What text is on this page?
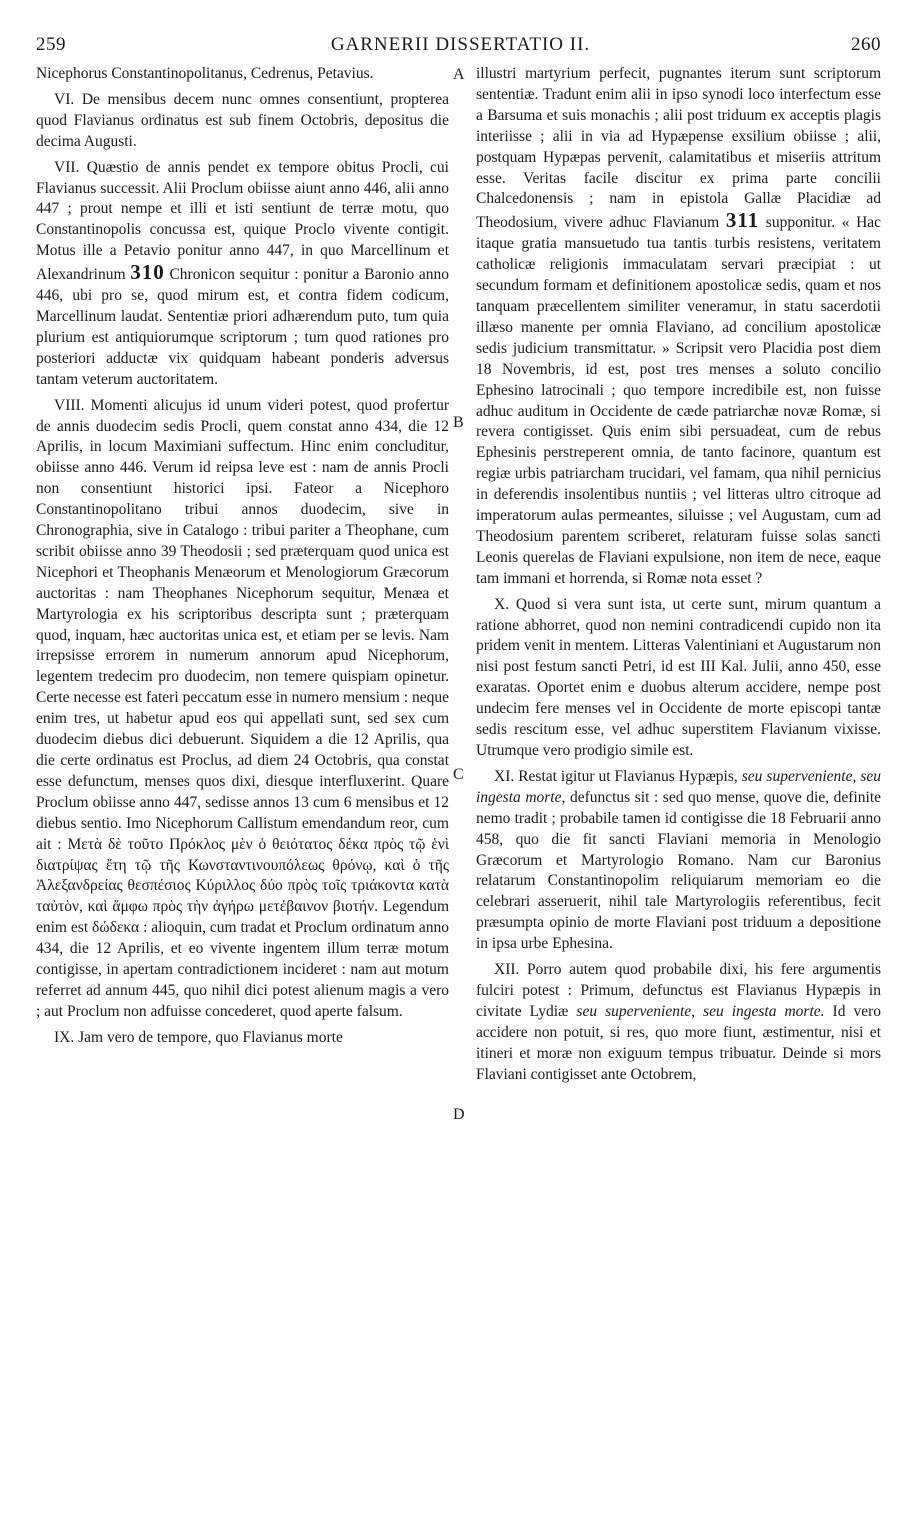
259	GARNERII DISSERTATIO II.	260
A
B
C
D

Nicephorus Constantinopolitanus, Cedrenus, Petavius.

VI. De mensibus decem nunc omnes consentiunt, propterea quod Flavianus ordinatus est sub finem Octobris, depositus die decima Augusti.

VII. Quæstio de annis pendet ex tempore obitus Procli, cui Flavianus successit. Alii Proclum obiisse aiunt anno 446, alii anno 447 ; prout nempe et illi et isti sentiunt de terræ motu, quo Constantinopolis concussa est, quique Proclo vivente contigit. Motus ille a Petavio ponitur anno 447, in quo Marcellinum et Alexandrinum 310 Chronicon sequitur : ponitur a Baronio anno 446, ubi pro se, quod mirum est, et contra fidem codicum, Marcellinum laudat. Sententiæ priori adhærendum puto, tum quia plurium est antiquiorumque scriptorum ; tum quod rationes pro posteriori adductæ vix quidquam habeant ponderis adversus tantam veterum auctoritatem.

VIII. Momenti alicujus id unum videri potest, quod profertur de annis duodecim sedis Procli, quem constat anno 434, die 12 Aprilis, in locum Maximiani suffectum. Hinc enim concluditur, obiisse anno 446. Verum id reipsa leve est : nam de annis Procli non consentiunt historici ipsi. Fateor a Nicephoro Constantinopolitano tribui annos duodecim, sive in Chronographia, sive in Catalogo : tribui pariter a Theophane, cum scribit obiisse anno 39 Theodosii ; sed præterquam quod unica est Nicephori et Theophanis Menæorum et Menologiorum Græcorum auctoritas : nam Theophanes Nicephorum sequitur, Menæa et Martyrologia ex his scriptoribus descripta sunt ; præterquam quod, inquam, hæc auctoritas unica est, et etiam per se levis. Nam irrepsisse errorem in numerum annorum apud Nicephorum, legentem tredecim pro duodecim, non temere quispiam opinetur. Certe necesse est fateri peccatum esse in numero mensium : neque enim tres, ut habetur apud eos qui appellati sunt, sed sex cum duodecim diebus dici debuerunt. Siquidem a die 12 Aprilis, qua die certe ordinatus est Proclus, ad diem 24 Octobris, qua constat esse defunctum, menses quos dixi, diesque interfluxerint. Quare Proclum obiisse anno 447, sedisse annos 13 cum 6 mensibus et 12 diebus sentio. Imo Nicephorum Callistum emendandum reor, cum ait : Μετὰ δὲ τοῦτο Πρόκλος μὲν ὁ θειότατος δέκα πρὸς τῷ ἑνὶ διατρίψας ἔτη τῷ τῆς Κωνσταντινουπόλεως θρόνῳ, καὶ ὁ τῆς Ἀλεξανδρείας θεσπέσιος Κύριλλος δύο πρὸς τοῖς τριάκοντα κατὰ ταὐτὸν, καὶ ἄμφω πρὸς τὴν ἀγήρω μετέβαινον βιοτήν. Legendum enim est δώδεκα : alioquin, cum tradat et Proclum ordinatum anno 434, die 12 Aprilis, et eo vivente ingentem illum terræ motum contigisse, in apertam contradictionem incideret : nam aut motum referret ad annum 445, quo nihil dici potest alienum magis a vero ; aut Proclum non adfuisse concederet, quod aperte falsum.

IX. Jam vero de tempore, quo Flavianus morte

illustri martyrium perfecit, pugnantes iterum sunt scriptorum sententiæ. Tradunt enim alii in ipso synodi loco interfectum esse a Barsuma et suis monachis ; alii post triduum ex acceptis plagis interiisse ; alii in via ad Hypæpense exsilium obiisse ; alii, postquam Hypæpas pervenit, calamitatibus et miseriis attritum esse. Veritas facile discitur ex prima parte concilii Chalcedonensis ; nam in epistola Gallæ Placidiæ ad Theodosium, vivere adhuc Flavianum 311 supponitur. « Hac itaque gratia mansuetudo tua tantis turbis resistens, veritatem catholicæ religionis immaculatam servari præcipiat : ut secundum formam et definitionem apostolicæ sedis, quam et nos tanquam præcellentem similiter veneramur, in statu sacerdotii illæso manente per omnia Flaviano, ad concilium apostolicæ sedis judicium transmittatur. » Scripsit vero Placidia post diem 18 Novembris, id est, post tres menses a soluto concilio Ephesino latrocinali ; quo tempore incredibile est, non fuisse adhuc auditum in Occidente de cæde patriarchæ novæ Romæ, si revera contigisset. Quis enim sibi persuadeat, cum de rebus Ephesinis perstreperent omnia, de tanto facinore, quantum est regiæ urbis patriarcham trucidari, vel famam, qua nihil pernicius in deferendis insolentibus nuntiis ; vel litteras ultro citroque ad imperatorum aulas permeantes, siluisse ; vel Augustam, cum ad Theodosium parentem scriberet, relaturam fuisse solas sancti Leonis querelas de Flaviani expulsione, non item de nece, eaque tam immani et horrenda, si Romæ nota esset ?

X. Quod si vera sunt ista, ut certe sunt, mirum quantum a ratione abhorret, quod non nemini contradicendi cupido non ita pridem venit in mentem. Litteras Valentiniani et Augustarum non nisi post festum sancti Petri, id est III Kal. Julii, anno 450, esse exaratas. Oportet enim e duobus alterum accidere, nempe post undecim fere menses vel in Occidente de morte episcopi tantæ sedis rescitum esse, vel adhuc superstitem Flavianum vixisse. Utrumque vero prodigio simile est.

XI. Restat igitur ut Flavianus Hypæpis, seu superveniente, seu ingesta morte, defunctus sit : sed quo mense, quove die, definite nemo tradit ; probabile tamen id contigisse die 18 Februarii anno 458, quo die fit sancti Flaviani memoria in Menologio Græcorum et Martyrologio Romano. Nam cur Baronius relatarum Constantinopolim reliquiarum memoriam eo die celebrari asseruerit, nihil tale Martyrologiis referentibus, fecit præsumpta opinio de morte Flaviani post triduum a depositione in ipsa urbe Ephesina.

XII. Porro autem quod probabile dixi, his fere argumentis fulciri potest : Primum, defunctus est Flavianus Hypæpis in civitate Lydiæ seu superveniente, seu ingesta morte. Id vero accidere non potuit, si res, quo more fiunt, æstimentur, nisi et itineri et moræ non exiguum tempus tribuatur. Deinde si mors Flaviani contigisset ante Octobrem,
